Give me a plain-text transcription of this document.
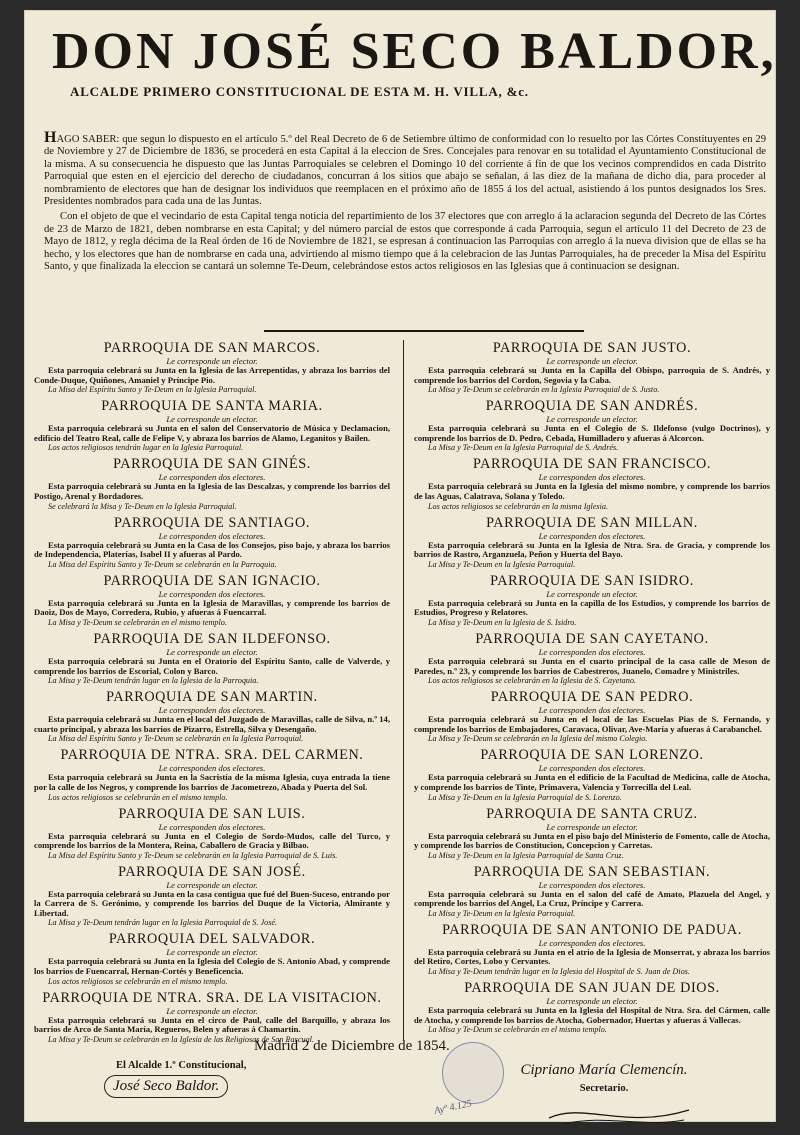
DON JOSÉ SECO BALDOR,
ALCALDE PRIMERO CONSTITUCIONAL DE ESTA M. H. VILLA, &c.

HAGO SABER: que segun lo dispuesto en el artículo 5.º del Real Decreto de 6 de Setiembre último de conformidad con lo resuelto por las Córtes Constituyentes en 29 de Noviembre y 27 de Diciembre de 1836, se procederá en esta Capital á la eleccion de Sres. Concejales para renovar en su totalidad el Ayuntamiento Constitucional de la misma. A su consecuencia he dispuesto que las Juntas Parroquiales se celebren el Domingo 10 del corriente á fin de que los vecinos comprendidos en cada Distrito Parroquial que esten en el ejercicio del derecho de ciudadanos, concurran á los sitios que abajo se señalan, á las diez de la mañana de dicho dia, para proceder al nombramiento de electores que han de designar los individuos que reemplacen en el próximo año de 1855 á los del actual, asistiendo á los puntos designados los Sres. Presidentes nombrados para cada una de las Juntas.

Con el objeto de que el vecindario de esta Capital tenga noticia del repartimiento de los 37 electores que con arreglo á la aclaracion segunda del Decreto de las Córtes de 23 de Marzo de 1821, deben nombrarse en esta Capital; y del número parcial de estos que corresponde á cada Parroquia, segun el artículo 11 del Decreto de 23 de Mayo de 1812, y regla décima de la Real órden de 16 de Noviembre de 1821, se espresan á continuacion las Parroquias con arreglo á la nueva division que de ellas se ha hecho, y los electores que han de nombrarse en cada una, advirtiendo al mismo tiempo que á la celebracion de las Juntas Parroquiales, ha de preceder la Misa del Espíritu Santo, y que finalizada la eleccion se cantará un solemne Te-Deum, celebrándose estos actos religiosos en las Iglesias que á continuacion se designan.

PARROQUIA DE SAN MARCOS.
Le corresponde un elector.
Esta parroquia celebrará su Junta en la Iglesia de las Arrepentidas, y abraza los barrios del Conde-Duque, Quiñones, Amaniel y Príncipe Pio.
La Misa del Espíritu Santo y Te-Deum en la Iglesia Parroquial.
PARROQUIA DE SANTA MARIA.
Le corresponde un elector.
Esta parroquia celebrará su Junta en el salon del Conservatorio de Música y Declamacion, edificio del Teatro Real, calle de Felipe V, y abraza los barrios de Alamo, Leganitos y Bailen.
Los actos religiosos tendrán lugar en la Iglesia Parroquial.
PARROQUIA DE SAN GINÉS.
Le corresponden dos electores.
Esta parroquia celebrará su Junta en la Iglesia de las Descalzas, y comprende los barrios del Postigo, Arenal y Bordadores.
Se celebrará la Misa y Te-Deum en la Iglesia Parroquial.
PARROQUIA DE SANTIAGO.
Le corresponden dos electores.
Esta parroquia celebrará su Junta en la Casa de los Consejos, piso bajo, y abraza los barrios de Independencia, Platerías, Isabel II y afueras al Pardo.
La Misa del Espíritu Santo y Te-Deum se celebrarán en la Parroquia.
PARROQUIA DE SAN IGNACIO.
Le corresponden dos electores.
Esta parroquia celebrará su Junta en la Iglesia de Maravillas, y comprende los barrios de Daoiz, Dos de Mayo, Corredera, Rubio, y afueras á Fuencarral.
La Misa y Te-Deum se celebrarán en el mismo templo.
PARROQUIA DE SAN ILDEFONSO.
Le corresponde un elector.
Esta parroquia celebrará su Junta en el Oratorio del Espíritu Santo, calle de Valverde, y comprende los barrios de Escorial, Colon y Barco.
La Misa y Te-Deum tendrán lugar en la Iglesia de la Parroquia.
PARROQUIA DE SAN MARTIN.
Le corresponden dos electores.
Esta parroquia celebrará su Junta en el local del Juzgado de Maravillas, calle de Silva, n.º 14, cuarto principal, y abraza los barrios de Pizarro, Estrella, Silva y Desengaño.
La Misa del Espíritu Santo y Te-Deum se celebrarán en la Iglesia Parroquial.
PARROQUIA DE NTRA. SRA. DEL CARMEN.
Le corresponden dos electores.
Esta parroquia celebrará su Junta en la Sacristía de la misma Iglesia, cuya entrada la tiene por la calle de los Negros, y comprende los barrios de Jacometrezo, Abada y Puerta del Sol.
Los actos religiosos se celebrarán en el mismo templo.
PARROQUIA DE SAN LUIS.
Le corresponden dos electores.
Esta parroquia celebrará su Junta en el Colegio de Sordo-Mudos, calle del Turco, y comprende los barrios de la Montera, Reina, Caballero de Gracia y Bilbao.
La Misa del Espíritu Santo y Te-Deum se celebrarán en la Iglesia Parroquial de S. Luis.
PARROQUIA DE SAN JOSÉ.
Le corresponde un elector.
Esta parroquia celebrará su Junta en la casa contigua que fué del Buen-Suceso, entrando por la Carrera de S. Gerónimo, y comprende los barrios del Duque de la Victoria, Almirante y Libertad.
La Misa y Te-Deum tendrán lugar en la Iglesia Parroquial de S. José.
PARROQUIA DEL SALVADOR.
Le corresponde un elector.
Esta parroquia celebrará su Junta en la Iglesia del Colegio de S. Antonio Abad, y comprende los barrios de Fuencarral, Hernan-Cortés y Beneficencia.
Los actos religiosos se celebrarán en el mismo templo.
PARROQUIA DE NTRA. SRA. DE LA VISITACION.
Le corresponde un elector.
Esta parroquia celebrará su Junta en el circo de Paul, calle del Barquillo, y abraza los barrios de Arco de Santa María, Regueros, Belen y afueras á Chamartin.
La Misa y Te-Deum se celebrarán en la Iglesia de las Religiosas de San Pascual.
PARROQUIA DE SAN JUSTO.
Le corresponde un elector.
Esta parroquia celebrará su Junta en la Capilla del Obispo, parroquia de S. Andrés, y comprende los barrios del Cordon, Segovia y la Caba.
La Misa y Te-Deum se celebrarán en la Iglesia Parroquial de S. Justo.
PARROQUIA DE SAN ANDRÉS.
Le corresponde un elector.
Esta parroquia celebrará su Junta en el Colegio de S. Ildefonso (vulgo Doctrinos), y comprende los barrios de D. Pedro, Cebada, Humilladero y afueras á Alcorcon.
La Misa y Te-Deum en la Iglesia Parroquial de S. Andrés.
PARROQUIA DE SAN FRANCISCO.
Le corresponden dos electores.
Esta parroquia celebrará su Junta en la Iglesia del mismo nombre, y comprende los barrios de las Aguas, Calatrava, Solana y Toledo.
Los actos religiosos se celebrarán en la misma Iglesia.
PARROQUIA DE SAN MILLAN.
Le corresponden dos electores.
Esta parroquia celebrará su Junta en la Iglesia de Ntra. Sra. de Gracia, y comprende los barrios de Rastro, Arganzuela, Peñon y Huerta del Bayo.
La Misa y Te-Deum en la Iglesia Parroquial.
PARROQUIA DE SAN ISIDRO.
Le corresponde un elector.
Esta parroquia celebrará su Junta en la capilla de los Estudios, y comprende los barrios de Estudios, Progreso y Relatores.
La Misa y Te-Deum en la Iglesia de S. Isidro.
PARROQUIA DE SAN CAYETANO.
Le corresponden dos electores.
Esta parroquia celebrará su Junta en el cuarto principal de la casa calle de Meson de Paredes, n.º 23, y comprende los barrios de Cabestreros, Juanelo, Comadre y Ministriles.
Los actos religiosos se celebrarán en la Iglesia de S. Cayetano.
PARROQUIA DE SAN PEDRO.
Le corresponden dos electores.
Esta parroquia celebrará su Junta en el local de las Escuelas Pias de S. Fernando, y comprende los barrios de Embajadores, Caravaca, Olivar, Ave-María y afueras á Carabanchel.
La Misa y Te-Deum se celebrarán en la Iglesia del mismo Colegio.
PARROQUIA DE SAN LORENZO.
Le corresponden dos electores.
Esta parroquia celebrará su Junta en el edificio de la Facultad de Medicina, calle de Atocha, y comprende los barrios de Tinte, Primavera, Valencia y Torrecilla del Leal.
La Misa y Te-Deum en la Iglesia Parroquial de S. Lorenzo.
PARROQUIA DE SANTA CRUZ.
Le corresponde un elector.
Esta parroquia celebrará su Junta en el piso bajo del Ministerio de Fomento, calle de Atocha, y comprende los barrios de Constitucion, Concepcion y Carretas.
La Misa y Te-Deum en la Iglesia Parroquial de Santa Cruz.
PARROQUIA DE SAN SEBASTIAN.
Le corresponden dos electores.
Esta parroquia celebrará su Junta en el salon del café de Amato, Plazuela del Angel, y comprende los barrios del Angel, La Cruz, Príncipe y Carrera.
La Misa y Te-Deum en la Iglesia Parroquial.
PARROQUIA DE SAN ANTONIO DE PADUA.
Le corresponden dos electores.
Esta parroquia celebrará su Junta en el atrio de la Iglesia de Monserrat, y abraza los barrios del Retiro, Cortes, Lobo y Cervantes.
La Misa y Te-Deum tendrán lugar en la Iglesia del Hospital de S. Juan de Dios.
PARROQUIA DE SAN JUAN DE DIOS.
Le corresponde un elector.
Esta parroquia celebrará su Junta en la Iglesia del Hospital de Ntra. Sra. del Cármen, calle de Atocha, y comprende los barrios de Atocha, Gobernador, Huertas y afueras á Vallecas.
La Misa y Te-Deum se celebrarán en el mismo templo.
Madrid 2 de Diciembre de 1854.
El Alcalde 1.º Constitucional,
José Seco Baldor.
Ayº 4.125
Cipriano María Clemencín.
Secretario.
